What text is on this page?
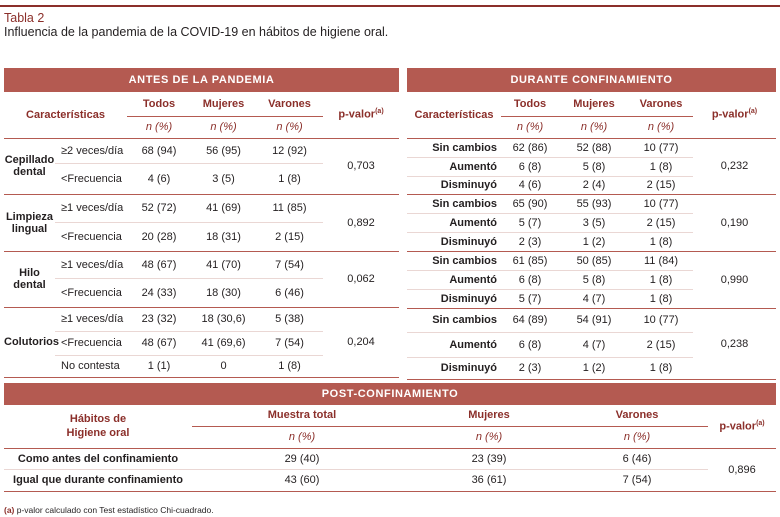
Tabla 2
Influencia de la pandemia de la COVID-19 en hábitos de higiene oral.
ANTES DE LA PANDEMIA					
Características		Todos	Mujeres	Varones	p-valor$^{(a)}$
		n (%)	n (%)	n (%)	
Cepillado dental	≥2 veces/día	68 (94)	56 (95)	12 (92)	0,703
	<Frecuencia	4 (6)	3 (5)	1 (8)	
Limpieza lingual	≥1 veces/día	52 (72)	41 (69)	11 (85)	0,892
	<Frecuencia	20 (28)	18 (31)	2 (15)	
Hilo dental	≥1 veces/día	48 (67)	41 (70)	7 (54)	0,062
	<Frecuencia	24 (33)	18 (30)	6 (46)	
Colutorios	≥1 veces/día	23 (32)	18 (30,6)	5 (38)	0,204
	<Frecuencia	48 (67)	41 (69,6)	7 (54)	
	No contesta	1 (1)	0	1 (8)	
DURANTE CONFINAMIENTO				
Características	Todos	Mujeres	Varones	p-valor$^{(a)}$
	n (%)	n (%)	n (%)	
Sin cambios	62 (86)	52 (88)	10 (77)	0,232
Aumentó	6 (8)	5 (8)	1 (8)	
Disminuyó	4 (6)	2 (4)	2 (15)	
Sin cambios	65 (90)	55 (93)	10 (77)	0,190
Aumentó	5 (7)	3 (5)	2 (15)	
Disminuyó	2 (3)	1 (2)	1 (8)	
Sin cambios	61 (85)	50 (85)	11 (84)	0,990
Aumentó	6 (8)	5 (8)	1 (8)	
Disminuyó	5 (7)	4 (7)	1 (8)	
Sin cambios	64 (89)	54 (91)	10 (77)	0,238
Aumentó	6 (8)	4 (7)	2 (15)	
Disminuyó	2 (3)	1 (2)	1 (8)	
POST-CONFINAMIENTO				

Hábitos de Higiene oral	Muestra total	Mujeres	Varones	p-valor$^{(a)}$
	n (%)	n (%)	n (%)	
Como antes del confinamiento	29 (40)	23 (39)	6 (46)	0,896
Igual que durante confinamiento	43 (60)	36 (61)	7 (54)	
(a) p-valor calculado con Test estadístico Chi-cuadrado.
